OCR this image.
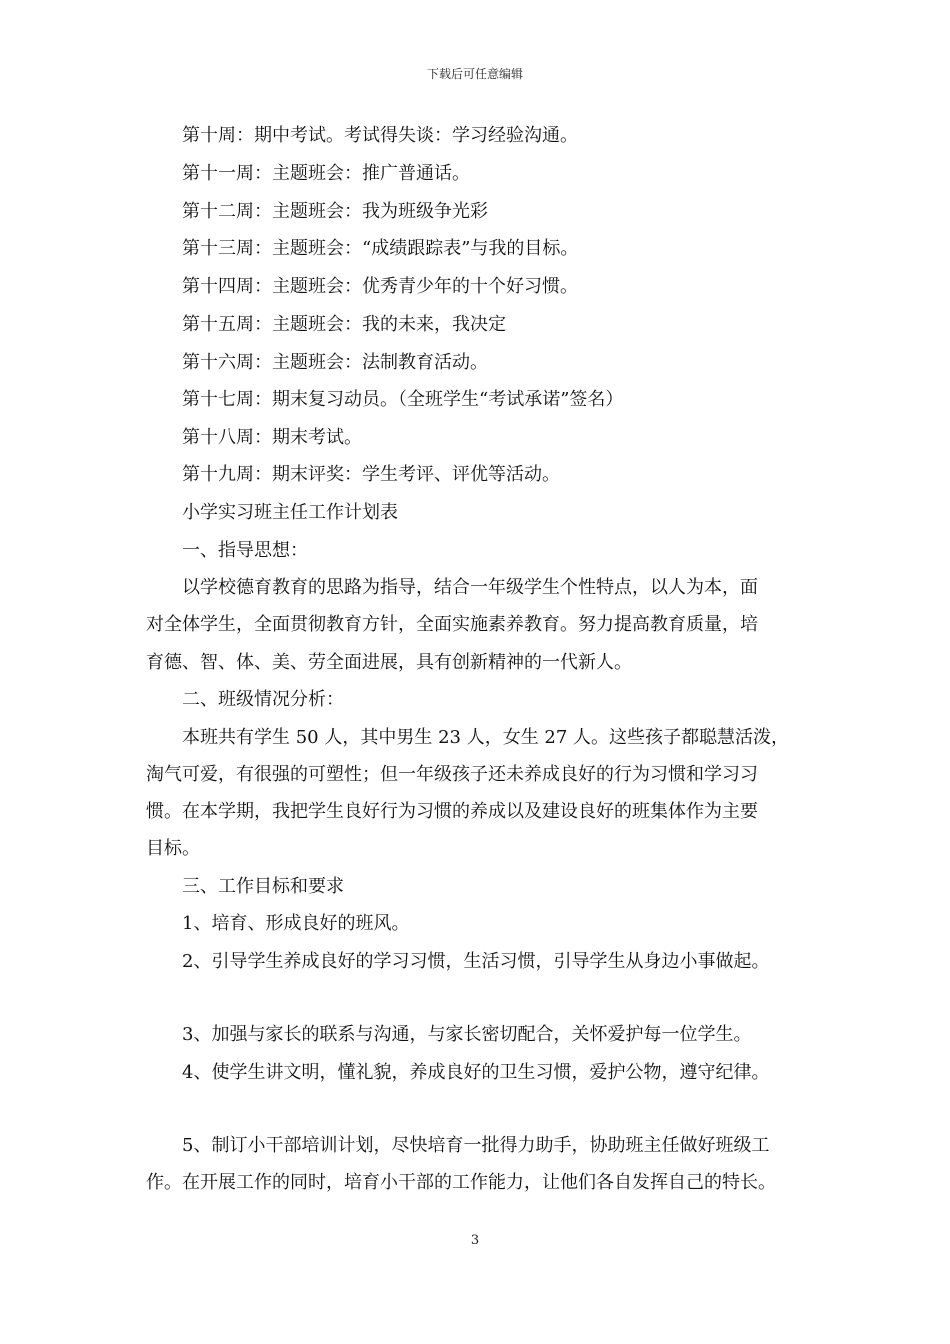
下载后可任意编辑

第十周：期中考试。考试得失谈：学习经验沟通。

第十一周：主题班会：推广普通话。

第十二周：主题班会：我为班级争光彩

第十三周：主题班会：“成绩跟踪表”与我的目标。

第十四周：主题班会：优秀青少年的十个好习惯。

第十五周：主题班会：我的未来，我决定

第十六周：主题班会：法制教育活动。

第十七周：期末复习动员。（全班学生“考试承诺”签名）

第十八周：期末考试。

第十九周：期末评奖：学生考评、评优等活动。

小学实习班主任工作计划表

一、指导思想：

以学校德育教育的思路为指导，结合一年级学生个性特点，以人为本，面

对全体学生，全面贯彻教育方针，全面实施素养教育。努力提高教育质量，培

育德、智、体、美、劳全面进展，具有创新精神的一代新人。

二、班级情况分析：

本班共有学生 50 人，其中男生 23 人，女生 27 人。这些孩子都聪慧活泼，

淘气可爱，有很强的可塑性；但一年级孩子还未养成良好的行为习惯和学习习

惯。在本学期，我把学生良好行为习惯的养成以及建设良好的班集体作为主要

目标。

三、工作目标和要求

1、培育、形成良好的班风。

2、引导学生养成良好的学习习惯，生活习惯，引导学生从身边小事做起。

3、加强与家长的联系与沟通，与家长密切配合，关怀爱护每一位学生。

4、使学生讲文明，懂礼貌，养成良好的卫生习惯，爱护公物，遵守纪律。

5、制订小干部培训计划，尽快培育一批得力助手，协助班主任做好班级工

作。在开展工作的同时，培育小干部的工作能力，让他们各自发挥自己的特长。

3
